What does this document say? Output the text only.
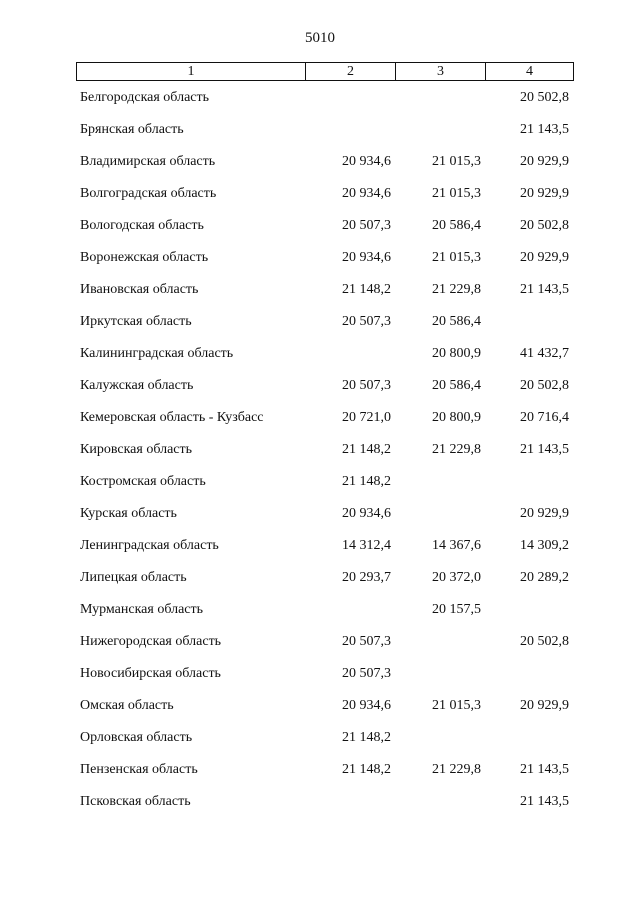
5010
1	2	3	4
Белгородская область			20 502,8
Брянская область			21 143,5
Владимирская область	20 934,6	21 015,3	20 929,9
Волгоградская область	20 934,6	21 015,3	20 929,9
Вологодская область	20 507,3	20 586,4	20 502,8
Воронежская область	20 934,6	21 015,3	20 929,9
Ивановская область	21 148,2	21 229,8	21 143,5
Иркутская область	20 507,3	20 586,4	
Калининградская область		20 800,9	41 432,7
Калужская область	20 507,3	20 586,4	20 502,8
Кемеровская область - Кузбасс	20 721,0	20 800,9	20 716,4
Кировская область	21 148,2	21 229,8	21 143,5
Костромская область	21 148,2		
Курская область	20 934,6		20 929,9
Ленинградская область	14 312,4	14 367,6	14 309,2
Липецкая область	20 293,7	20 372,0	20 289,2
Мурманская область		20 157,5	
Нижегородская область	20 507,3		20 502,8
Новосибирская область	20 507,3		
Омская область	20 934,6	21 015,3	20 929,9
Орловская область	21 148,2		
Пензенская область	21 148,2	21 229,8	21 143,5
Псковская область			21 143,5
